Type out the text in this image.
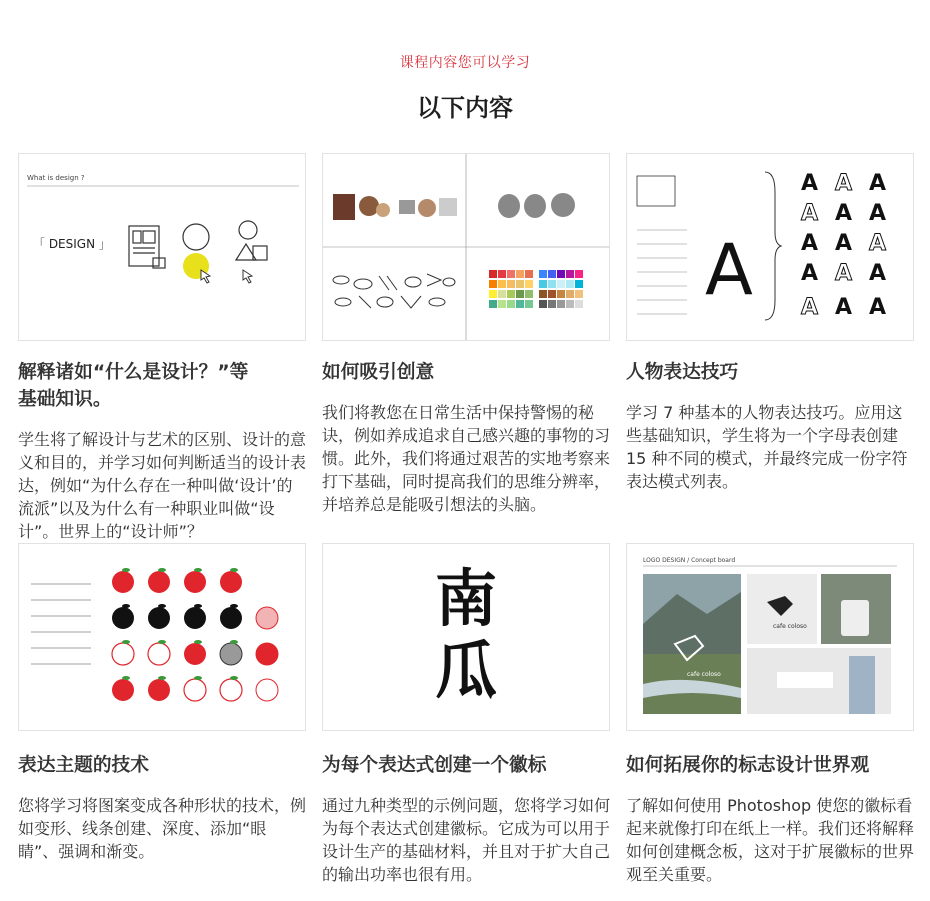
课程内容您可以学习
以下内容
What is design ?
「 DESIGN 」	A
A A A
A A A
A A A
A A A
A A A
南
瓜
LOGO DESIGN / Concept board
cafe coloso
cafe coloso
解释诸如“什么是设计？”等
基础知识。

学生将了解设计与艺术的区别、设计的意义和目的，并学习如何判断适当的设计表达，例如“为什么存在一种叫做‘设计’的流派”以及为什么有一种职业叫做“设计”。世界上的“设计师”？

如何吸引创意

我们将教您在日常生活中保持警惕的秘诀，例如养成追求自己感兴趣的事物的习惯。此外，我们将通过艰苦的实地考察来打下基础，同时提高我们的思维分辨率，并培养总是能吸引想法的头脑。

人物表达技巧

学习 7 种基本的人物表达技巧。应用这些基础知识，学生将为一个字母表创建 15 种不同的模式，并最终完成一份字符表达模式列表。

表达主题的技术

您将学习将图案变成各种形状的技术，例如变形、线条创建、深度、添加“眼睛”、强调和渐变。

为每个表达式创建一个徽标

通过九种类型的示例问题，您将学习如何为每个表达式创建徽标。它成为可以用于设计生产的基础材料，并且对于扩大自己的输出功率也很有用。

如何拓展你的标志设计世界观

了解如何使用 Photoshop 使您的徽标看起来就像打印在纸上一样。我们还将解释如何创建概念板，这对于扩展徽标的世界观至关重要。
